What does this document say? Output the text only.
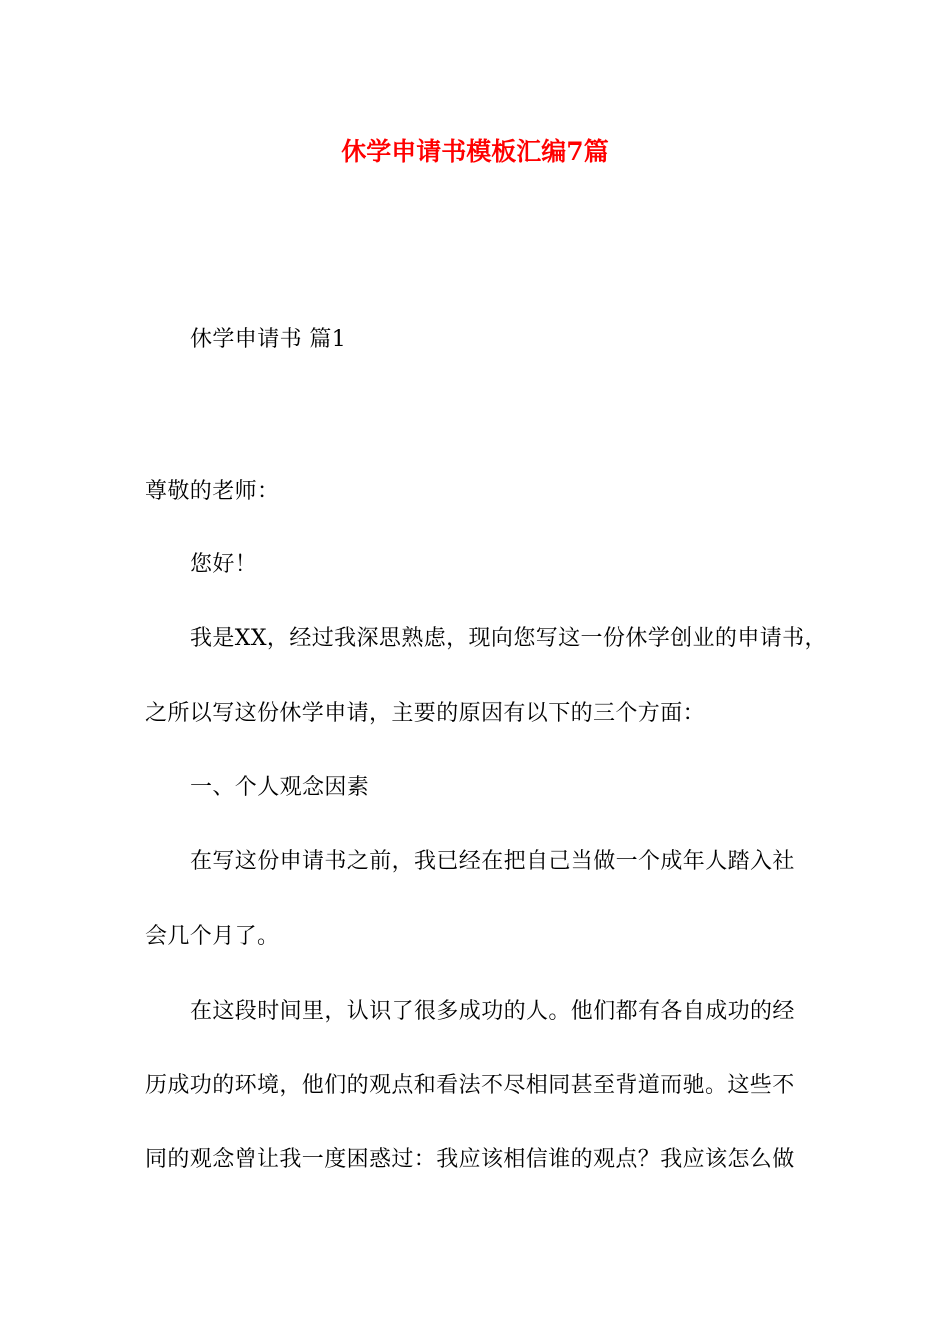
休学申请书模板汇编7篇
休学申请书 篇1
尊敬的老师：
您好！
我是XX，经过我深思熟虑，现向您写这一份休学创业的申请书，
之所以写这份休学申请，主要的原因有以下的三个方面：
一、个人观念因素
在写这份申请书之前，我已经在把自己当做一个成年人踏入社
会几个月了。
在这段时间里，认识了很多成功的人。他们都有各自成功的经
历成功的环境，他们的观点和看法不尽相同甚至背道而驰。这些不
同的观念曾让我一度困惑过：我应该相信谁的观点？我应该怎么做
